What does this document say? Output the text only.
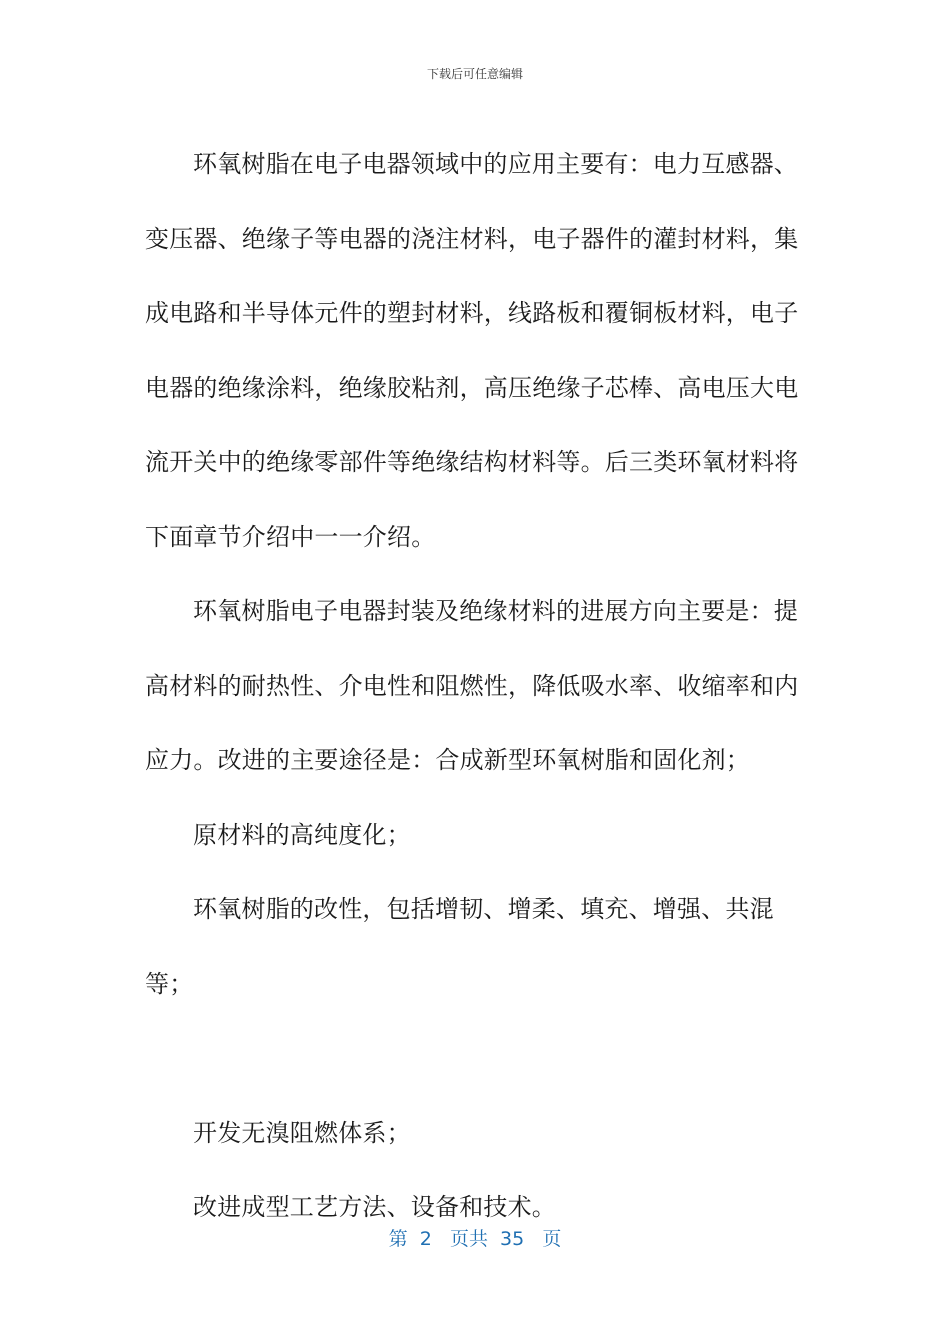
下载后可任意编辑

环氧树脂在电子电器领域中的应用主要有：电力互感器、变压器、绝缘子等电器的浇注材料，电子器件的灌封材料，集成电路和半导体元件的塑封材料，线路板和覆铜板材料，电子电器的绝缘涂料，绝缘胶粘剂，高压绝缘子芯棒、高电压大电流开关中的绝缘零部件等绝缘结构材料等。后三类环氧材料将下面章节介绍中一一介绍。

环氧树脂电子电器封装及绝缘材料的进展方向主要是：提高材料的耐热性、介电性和阻燃性，降低吸水率、收缩率和内应力。改进的主要途径是：合成新型环氧树脂和固化剂；

原材料的高纯度化；

环氧树脂的改性，包括增韧、增柔、填充、增强、共混等；

开发无溴阻燃体系；

改进成型工艺方法、设备和技术。

第 2 页共 35 页
